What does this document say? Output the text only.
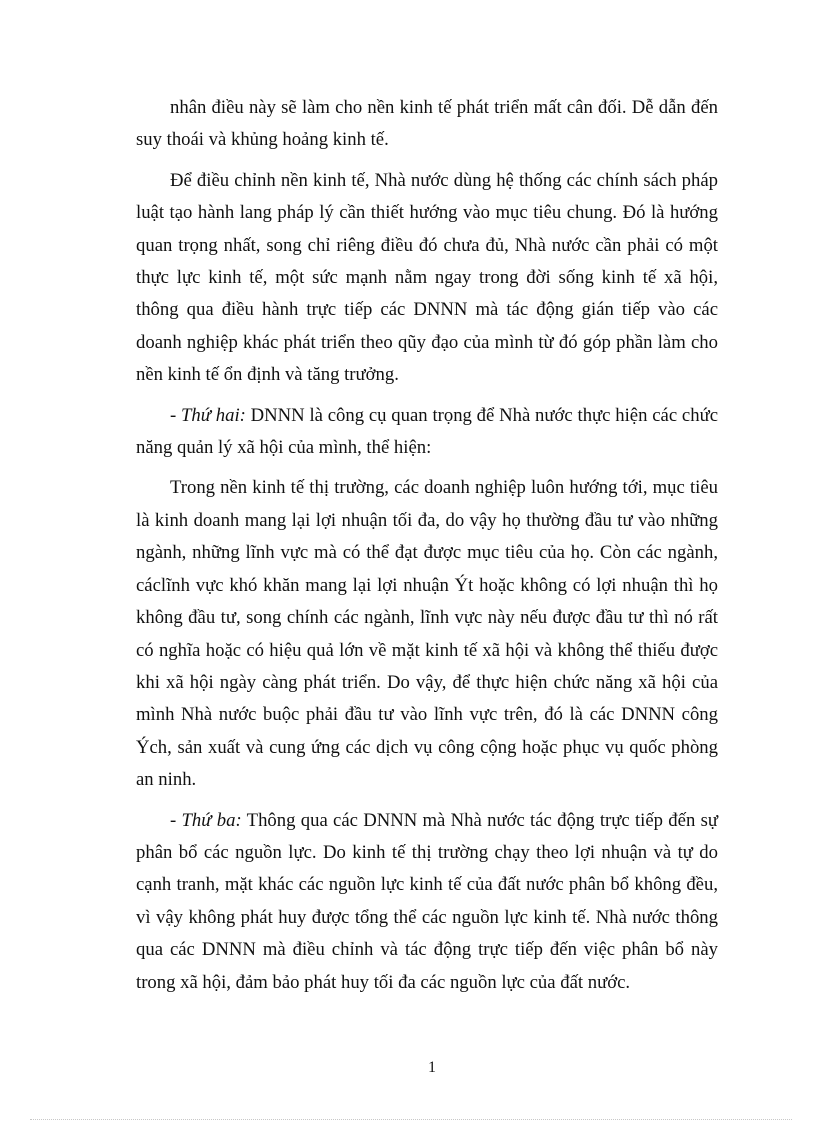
nhân điều này sẽ làm cho nền kinh tế phát triển mất cân đối. Dễ dẫn đến suy thoái và khủng hoảng kinh tế.

Để điều chỉnh nền kinh tế, Nhà nước dùng hệ thống các chính sách pháp luật tạo hành lang pháp lý cần thiết hướng vào mục tiêu chung. Đó là hướng quan trọng nhất, song chỉ riêng điều đó chưa đủ, Nhà nước cần phải có một thực lực kinh tế, một sức mạnh nằm ngay trong đời sống kinh tế xã hội, thông qua điều hành trực tiếp các DNNN mà tác động gián tiếp vào các doanh nghiệp khác phát triển theo qũy đạo của mình từ đó góp phần làm cho nền kinh tế ổn định và tăng trưởng.

- Thứ hai: DNNN là công cụ quan trọng để Nhà nước thực hiện các chức năng quản lý xã hội của mình, thể hiện:

Trong nền kinh tế thị trường, các doanh nghiệp luôn hướng tới, mục tiêu là kinh doanh mang lại lợi nhuận tối đa, do vậy họ thường đầu tư vào những ngành, những lĩnh vực mà có thể đạt được mục tiêu của họ. Còn các ngành, cáclĩnh vực khó khăn mang lại lợi nhuận Ýt hoặc không có lợi nhuận thì họ không đầu tư, song chính các ngành, lĩnh vực này nếu được đầu tư thì nó rất có nghĩa hoặc có hiệu quả lớn về mặt kinh tế xã hội và không thể thiếu được khi xã hội ngày càng phát triển. Do vậy, để thực hiện chức năng xã hội của mình Nhà nước buộc phải đầu tư vào lĩnh vực trên, đó là các DNNN công Ých, sản xuất và cung ứng các dịch vụ công cộng hoặc phục vụ quốc phòng an ninh.

- Thứ ba: Thông qua các DNNN mà Nhà nước tác động trực tiếp đến sự phân bổ các nguồn lực. Do kinh tế thị trường chạy theo lợi nhuận và tự do cạnh tranh, mặt khác các nguồn lực kinh tế của đất nước phân bổ không đều, vì vậy không phát huy được tổng thể các nguồn lực kinh tế. Nhà nước thông qua các DNNN mà điều chỉnh và tác động trực tiếp đến việc phân bổ này trong xã hội, đảm bảo phát huy tối đa các nguồn lực của đất nước.

1
